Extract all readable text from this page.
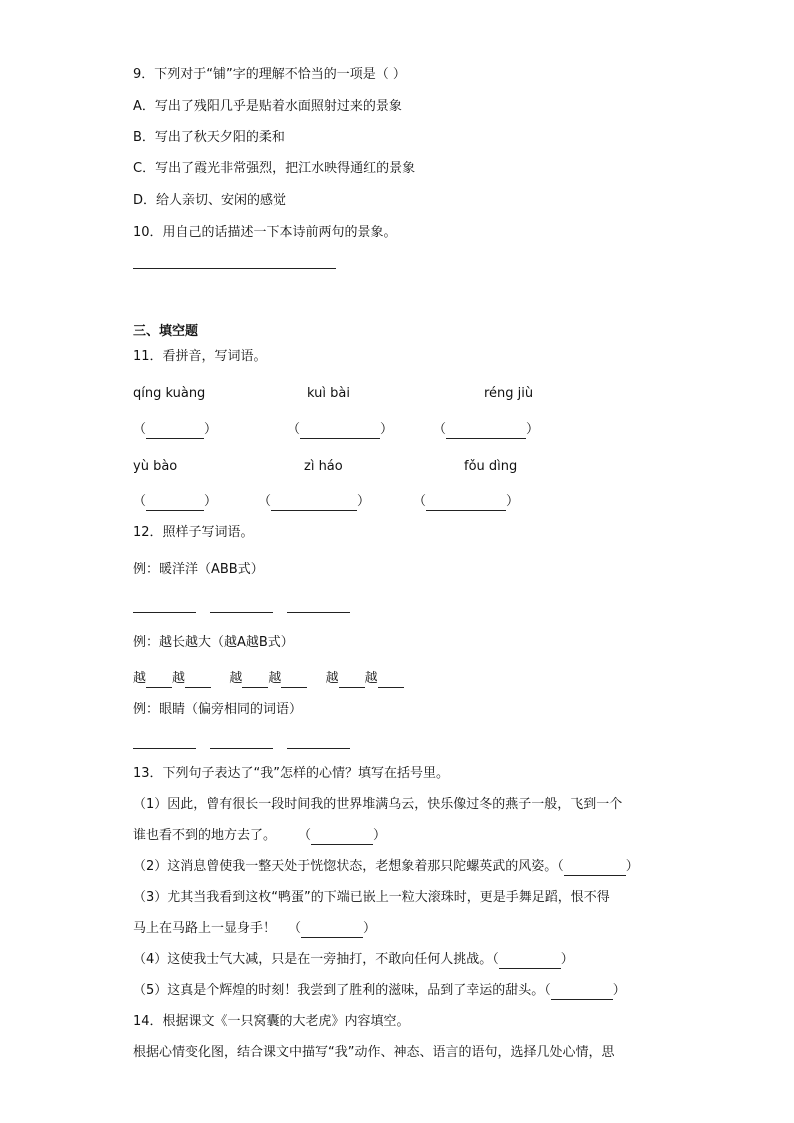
9．下列对于“铺”字的理解不恰当的一项是（ ）
A．写出了残阳几乎是贴着水面照射过来的景象
B．写出了秋天夕阳的柔和
C．写出了霞光非常强烈，把江水映得通红的景象
D．给人亲切、安闲的感觉
10．用自己的话描述一下本诗前两句的景象。
三、填空题
11．看拼音，写词语。
qíng kuàng	kuì bài	réng jiù
（	）	（	）	（	）
yù bào	zì háo	fǒu dìng
（	）	（	）	（	）
12．照样子写词语。
例：暖洋洋（ABB式）
例：越长越大（越A越B式）
越 越	越 越	越 越
例：眼睛（偏旁相同的词语）
13．下列句子表达了“我”怎样的心情？填写在括号里。
（1）因此，曾有很长一段时间我的世界堆满乌云，快乐像过冬的燕子一般，飞到一个
谁也看不到的地方去了。 （	）
（2）这消息曾使我一整天处于恍惚状态，老想象着那只陀螺英武的风姿。（	）
（3）尤其当我看到这枚“鸭蛋”的下端已嵌上一粒大滚珠时，更是手舞足蹈，恨不得
马上在马路上一显身手！ （	）
（4）这使我士气大减，只是在一旁抽打，不敢向任何人挑战。（	）
（5）这真是个辉煌的时刻！我尝到了胜利的滋味，品到了幸运的甜头。（	）
14．根据课文《一只窝囊的大老虎》内容填空。
根据心情变化图，结合课文中描写“我”动作、神态、语言的语句，选择几处心情，思
